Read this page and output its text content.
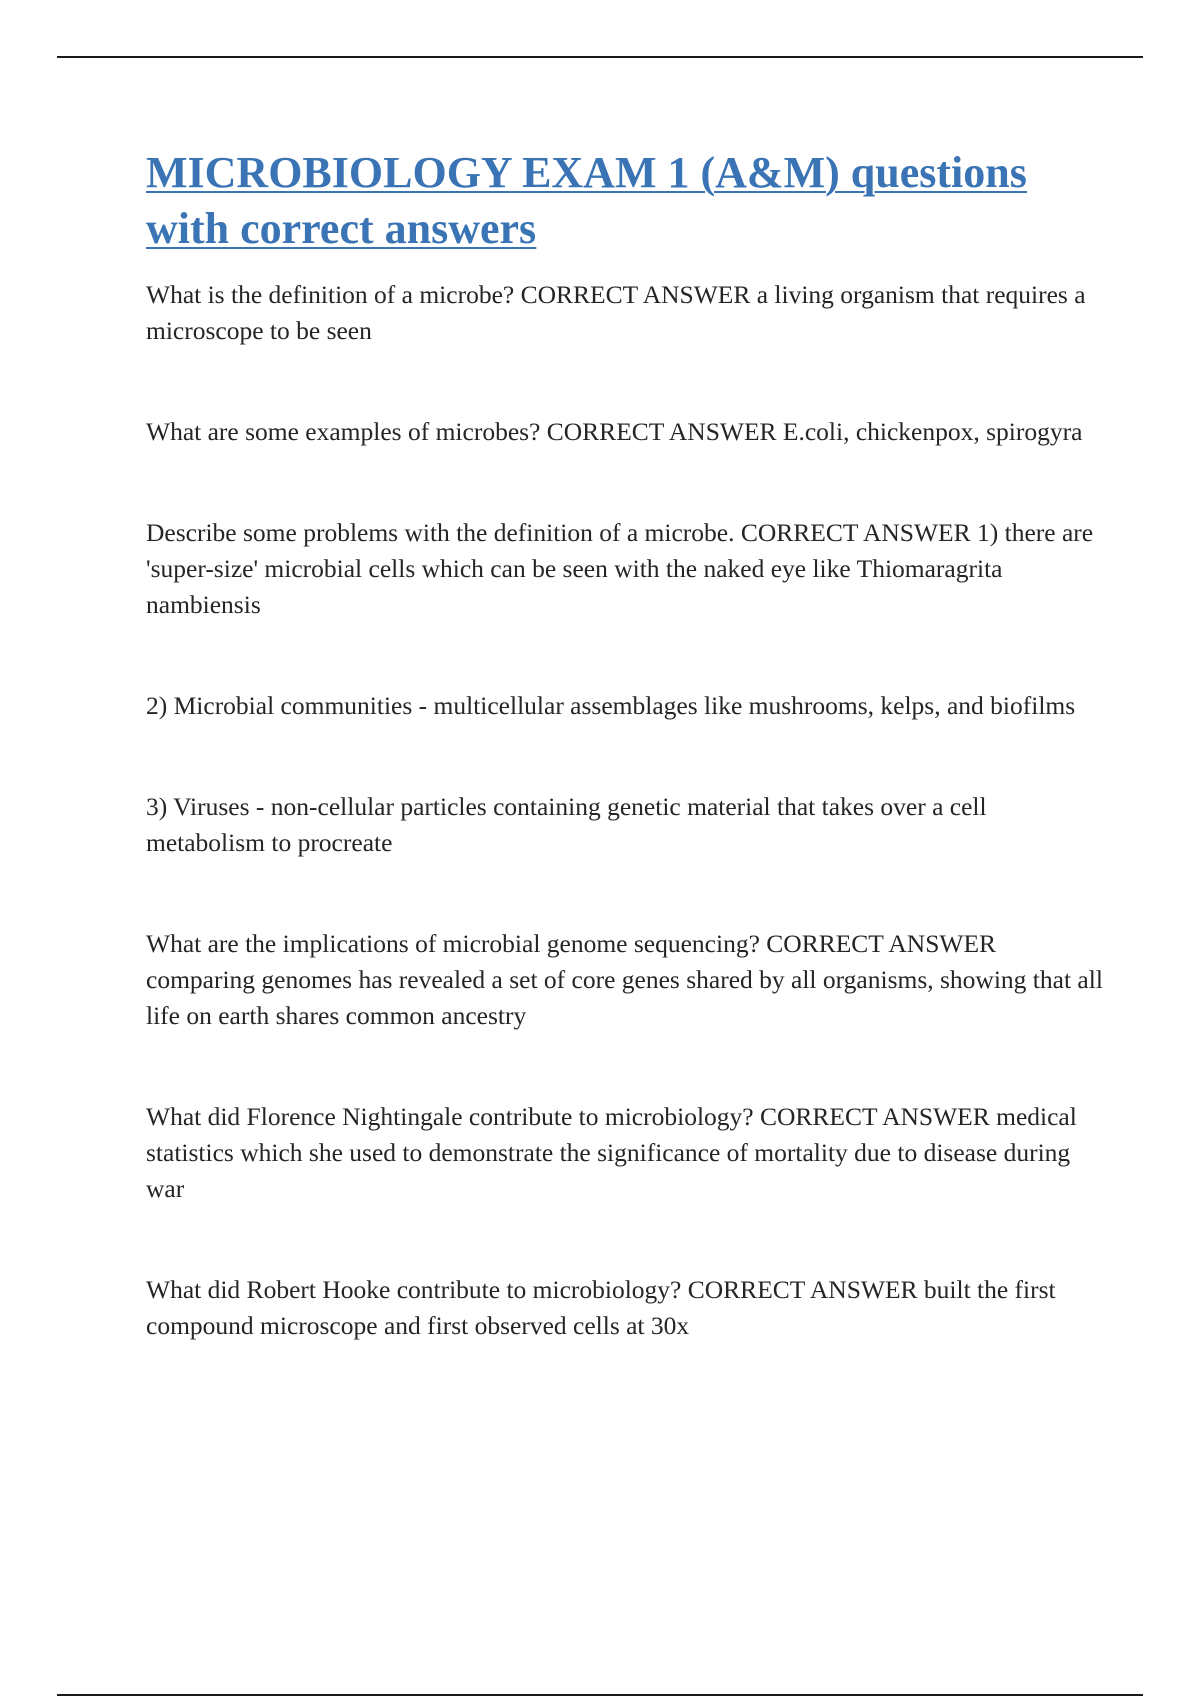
MICROBIOLOGY EXAM 1 (A&M) questions with correct answers

What is the definition of a microbe? CORRECT ANSWER a living organism that requires a microscope to be seen

What are some examples of microbes? CORRECT ANSWER E.coli, chickenpox, spirogyra

Describe some problems with the definition of a microbe. CORRECT ANSWER 1) there are 'super-size' microbial cells which can be seen with the naked eye like Thiomaragrita nambiensis

2) Microbial communities - multicellular assemblages like mushrooms, kelps, and biofilms

3) Viruses - non-cellular particles containing genetic material that takes over a cell metabolism to procreate

What are the implications of microbial genome sequencing? CORRECT ANSWER comparing genomes has revealed a set of core genes shared by all organisms, showing that all life on earth shares common ancestry

What did Florence Nightingale contribute to microbiology? CORRECT ANSWER medical statistics which she used to demonstrate the significance of mortality due to disease during war

What did Robert Hooke contribute to microbiology? CORRECT ANSWER built the first compound microscope and first observed cells at 30x
